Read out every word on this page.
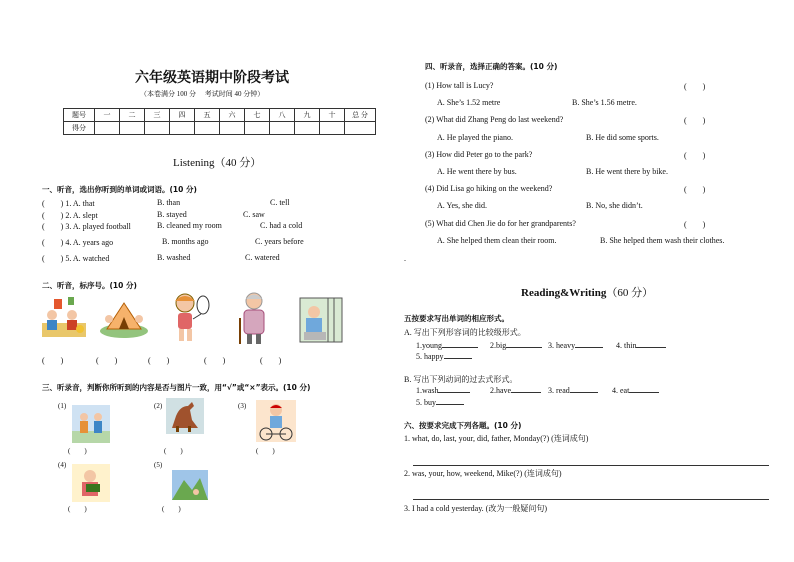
六年级英语期中阶段考试
（本卷满分 100 分　 考试时间 40 分钟）
题号	一	二	三	四	五	六	七	八	九	十	总 分
得分											
Listening（40 分）
一、听音，选出你听到的单词或词语。(10 分)
(　　) 1. A. that	B. than	C. tell
(　　) 2. A. slept	B. stayed	C. saw
(　　) 3. A. played football	B. cleaned my room	C. had a cold
(　　) 4. A. years ago	B. months ago	C. years before
(　　) 5. A. watched	B. washed	C. watered
二、听音，标序号。(10 分)
(　　)	(　　)	(　　)	(　　)	(　　)
三、听录音，判断你所听到的内容是否与图片一致，用“√”或“×”表示。(10 分)
(1)
(　　)
(2)
(　　)
(3)
(　　)
(4)
(　　)
(5)
(　　)
四、听录音，选择正确的答案。(10 分)
(1) How tall is Lucy?	(　　)
A. She’s 1.52 metre	B. She’s 1.56 metre.
(2) What did Zhang Peng do last weekend?	(　　)
A. He played the piano.	B. He did some sports.
(3) How did Peter go to the park?	(　　)
A. He went there by bus.	B. He went there by bike.
(4) Did Lisa go hiking on the weekend?	(　　)
A. Yes, she did.	B. No, she didn’t.
(5) What did Chen Jie do for her grandparents?	(　　)
A. She helped them clean their room.	B. She helped them wash their clothes.
.
Reading&Writing（60 分）
五按要求写出单词的相应形式。
A. 写出下列形容词的比较级形式。
1.young	2.big	3. heavy	4. thin
5. happy
B. 写出下列动词的过去式形式。
1.wash	2.have	3. read	4. eat
5. buy
六、按要求完成下列各题。(10 分)
1. what, do, last, your, did, father, Monday(?) (连词成句)
2. was, your, how, weekend, Mike(?) (连词成句)
3. I had a cold yesterday. (改为一般疑问句)
